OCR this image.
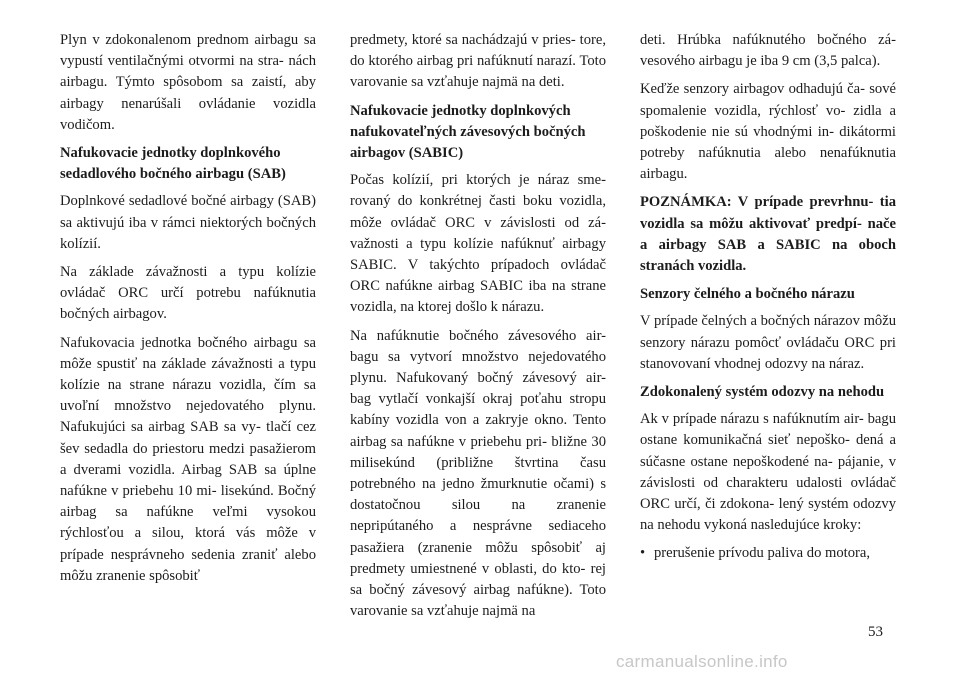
Plyn v zdokonalenom prednom airbagu sa vypustí ventilačnými otvormi na stra- nách airbagu. Týmto spôsobom sa zaistí, aby airbagy nenarúšali ovládanie vozidla vodičom.

Nafukovacie jednotky doplnkového sedadlového bočného airbagu (SAB)

Doplnkové sedadlové bočné airbagy (SAB) sa aktivujú iba v rámci niektorých bočných kolízií.

Na základe závažnosti a typu kolízie ovládač ORC určí potrebu nafúknutia bočných airbagov.

Nafukovacia jednotka bočného airbagu sa môže spustiť na základe závažnosti a typu kolízie na strane nárazu vozidla, čím sa uvoľní množstvo nejedovatého plynu. Nafukujúci sa airbag SAB sa vy- tlačí cez šev sedadla do priestoru medzi pasažierom a dverami vozidla. Airbag SAB sa úplne nafúkne v priebehu 10 mi- lisekúnd. Bočný airbag sa nafúkne veľmi vysokou rýchlosťou a silou, ktorá vás môže v prípade nesprávneho sedenia zraniť alebo môžu zranenie spôsobiť

predmety, ktoré sa nachádzajú v pries- tore, do ktorého airbag pri nafúknutí narazí. Toto varovanie sa vzťahuje najmä na deti.

Nafukovacie jednotky doplnkových nafukovateľných závesových bočných airbagov (SABIC)

Počas kolízií, pri ktorých je náraz sme- rovaný do konkrétnej časti boku vozidla, môže ovládač ORC v závislosti od zá- važnosti a typu kolízie nafúknuť airbagy SABIC. V takýchto prípadoch ovládač ORC nafúkne airbag SABIC iba na strane vozidla, na ktorej došlo k nárazu.

Na nafúknutie bočného závesového air- bagu sa vytvorí množstvo nejedovatého plynu. Nafukovaný bočný závesový air- bag vytlačí vonkajší okraj poťahu stropu kabíny vozidla von a zakryje okno. Tento airbag sa nafúkne v priebehu pri- bližne 30 milisekúnd (približne štvrtina času potrebného na jedno žmurknutie očami) s dostatočnou silou na zranenie nepripútaného a nesprávne sediaceho pasažiera (zranenie môžu spôsobiť aj predmety umiestnené v oblasti, do kto- rej sa bočný závesový airbag nafúkne). Toto varovanie sa vzťahuje najmä na

deti. Hrúbka nafúknutého bočného zá- vesového airbagu je iba 9 cm (3,5 palca).

Keďže senzory airbagov odhadujú ča- sové spomalenie vozidla, rýchlosť vo- zidla a poškodenie nie sú vhodnými in- dikátormi potreby nafúknutia alebo nenafúknutia airbagu.

POZNÁMKA: V prípade prevrhnu- tia vozidla sa môžu aktivovať predpí- nače a airbagy SAB a SABIC na oboch stranách vozidla.

Senzory čelného a bočného nárazu

V prípade čelných a bočných nárazov môžu senzory nárazu pomôcť ovládaču ORC pri stanovovaní vhodnej odozvy na náraz.

Zdokonalený systém odozvy na nehodu

Ak v prípade nárazu s nafúknutím air- bagu ostane komunikačná sieť nepoško- dená a súčasne ostane nepoškodené na- pájanie, v závislosti od charakteru udalosti ovládač ORC určí, či zdokona- lený systém odozvy na nehodu vykoná nasledujúce kroky:

• prerušenie prívodu paliva do motora,
53
carmanualsonline.info
